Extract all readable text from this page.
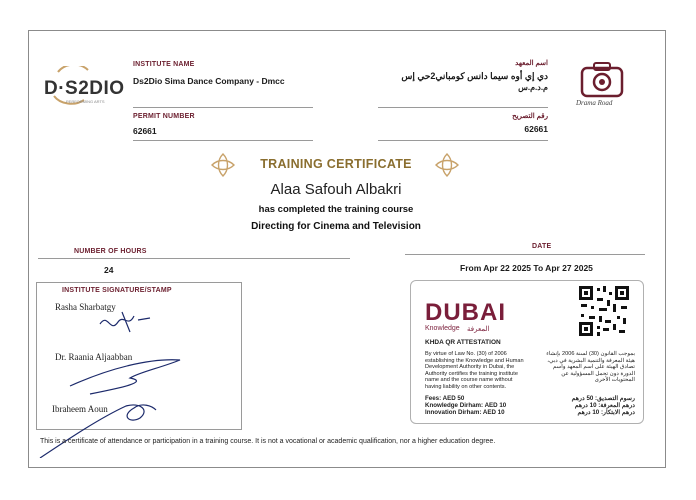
D·S2DIO
PERFORMING ARTS
INSTITUTE NAME
Ds2Dio Sima Dance Company - Dmcc
اسم المعهد
دي إي أوه سيما دانس كومباني2حي إس
م.د.م.س
PERMIT NUMBER
62661
رقم التصريح
62661
Drama Road
TRAINING CERTIFICATE
Alaa Safouh Albakri
has completed the training course
Directing for Cinema and Television
NUMBER OF HOURS
24
DATE
From Apr 22 2025 To Apr 27 2025
INSTITUTE SIGNATURE/STAMP
Rasha Sharbatgy
Dr. Raania Aljaabban
Ibraheem Aoun
DUBAI
Knowledge المعرفة
KHDA QR ATTESTATION
By virtue of Law No. (30) of 2006 establishing the Knowledge and Human Development Authority in Dubai, the Authority certifies the training institute name and the course name without having liability on other contents.
بموجب القانون (30) لسنة 2006 بإنشاء هيئة المعرفة والتنمية البشرية في دبي، تصادق الهيئة على اسم المعهد واسم الدورة دون تحمل المسؤولية عن المحتويات الأخرى
Fees: AED 50
Knowledge Dirham: AED 10
Innovation Dirham: AED 10
رسوم التصديق: 50 درهم
درهم المعرفة: 10 درهم
درهم الابتكار: 10 درهم
This is a certificate of attendance or participation in a training course. It is not a vocational or academic qualification, nor a higher education degree.
